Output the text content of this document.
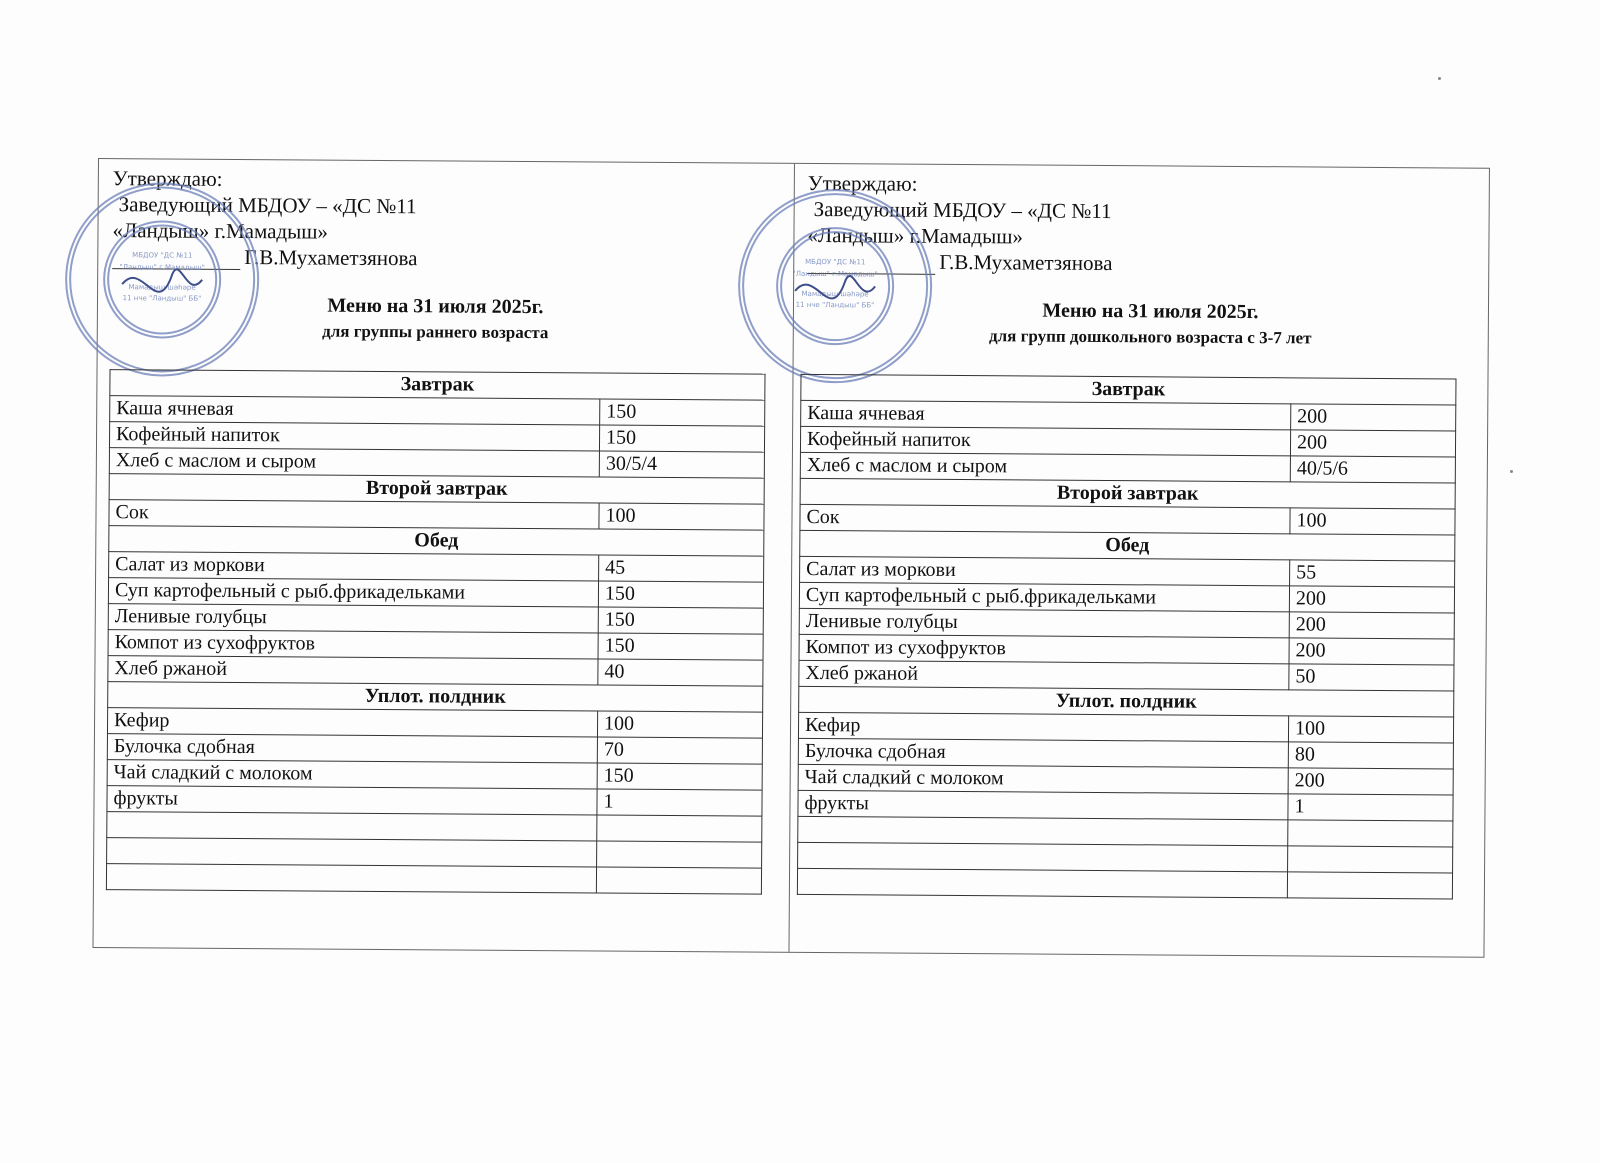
Утверждаю:
Заведующий МБДОУ – «ДС №11
«Ландыш» г.Мамадыш»
Г.В.Мухаметзянова
МБДОУ "ДС №11
"Ландыш" г.Мамадыш"
Мамадыш шәһәре
11 нче "Ландыш" ББ"	Меню на 31 июля 2025г.
для группы раннего возраста
Завтрак	
Каша ячневая	150
Кофейный напиток	150
Хлеб с маслом и сыром	30/5/4
Второй завтрак	
Сок	100
Обед	
Салат из моркови	45
Суп картофельный с рыб.фрикадельками	150
Ленивые голубцы	150
Компот из сухофруктов	150
Хлеб ржаной	40
Уплот. полдник	
Кефир	100
Булочка сдобная	70
Чай сладкий с молоком	150
фрукты	1

Утверждаю:
Заведующий МБДОУ – «ДС №11
«Ландыш» г.Мамадыш»
Г.В.Мухаметзянова
МБДОУ "ДС №11
"Ландыш" г.Мамадыш"
Мамадыш шәһәре
11 нче "Ландыш" ББ"	Меню на 31 июля 2025г.
для групп дошкольного возраста с 3-7 лет
Завтрак	
Каша ячневая	200
Кофейный напиток	200
Хлеб с маслом и сыром	40/5/6
Второй завтрак	
Сок	100
Обед	
Салат из моркови	55
Суп картофельный с рыб.фрикадельками	200
Ленивые голубцы	200
Компот из сухофруктов	200
Хлеб ржаной	50
Уплот. полдник	
Кефир	100
Булочка сдобная	80
Чай сладкий с молоком	200
фрукты	1
